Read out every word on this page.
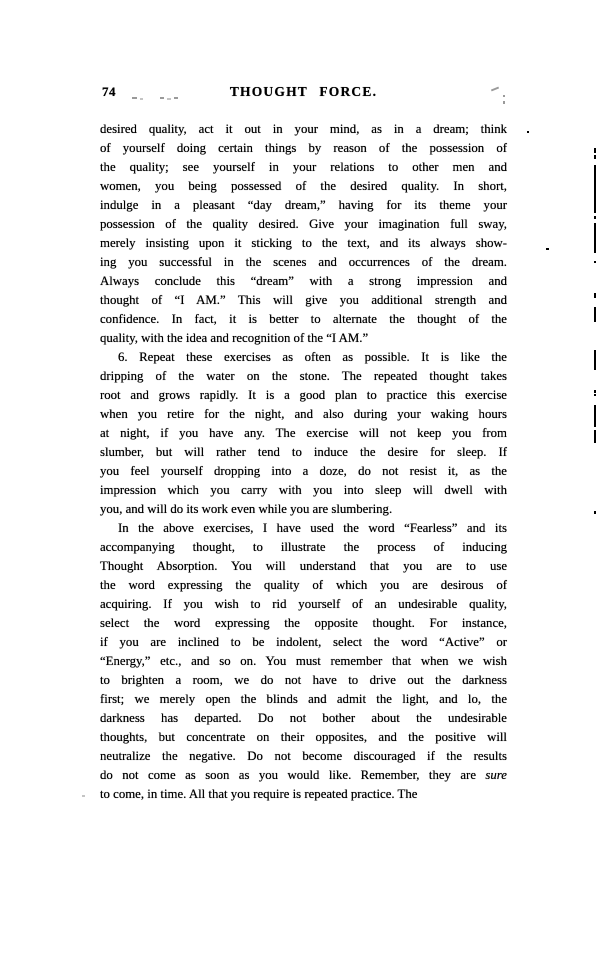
74	THOUGHT FORCE.
desired quality, act it out in your mind, as in a dream; think
of yourself doing certain things by reason of the possession of
the quality; see yourself in your relations to other men and
women, you being possessed of the desired quality. In short,
indulge in a pleasant “day dream,” having for its theme your
possession of the quality desired. Give your imagination full sway,
merely insisting upon it sticking to the text, and its always show-
ing you successful in the scenes and occurrences of the dream.
Always conclude this “dream” with a strong impression and
thought of “I AM.” This will give you additional strength and
confidence. In fact, it is better to alternate the thought of the
quality, with the idea and recognition of the “I AM.”
6. Repeat these exercises as often as possible. It is like the
dripping of the water on the stone. The repeated thought takes
root and grows rapidly. It is a good plan to practice this exercise
when you retire for the night, and also during your waking hours
at night, if you have any. The exercise will not keep you from
slumber, but will rather tend to induce the desire for sleep. If
you feel yourself dropping into a doze, do not resist it, as the
impression which you carry with you into sleep will dwell with
you, and will do its work even while you are slumbering.
In the above exercises, I have used the word “Fearless” and its
accompanying thought, to illustrate the process of inducing
Thought Absorption. You will understand that you are to use
the word expressing the quality of which you are desirous of
acquiring. If you wish to rid yourself of an undesirable quality,
select the word expressing the opposite thought. For instance,
if you are inclined to be indolent, select the word “Active” or
“Energy,” etc., and so on. You must remember that when we wish
to brighten a room, we do not have to drive out the darkness
first; we merely open the blinds and admit the light, and lo, the
darkness has departed. Do not bother about the undesirable
thoughts, but concentrate on their opposites, and the positive will
neutralize the negative. Do not become discouraged if the results
do not come as soon as you would like. Remember, they are sure
to come, in time. All that you require is repeated practice. The
